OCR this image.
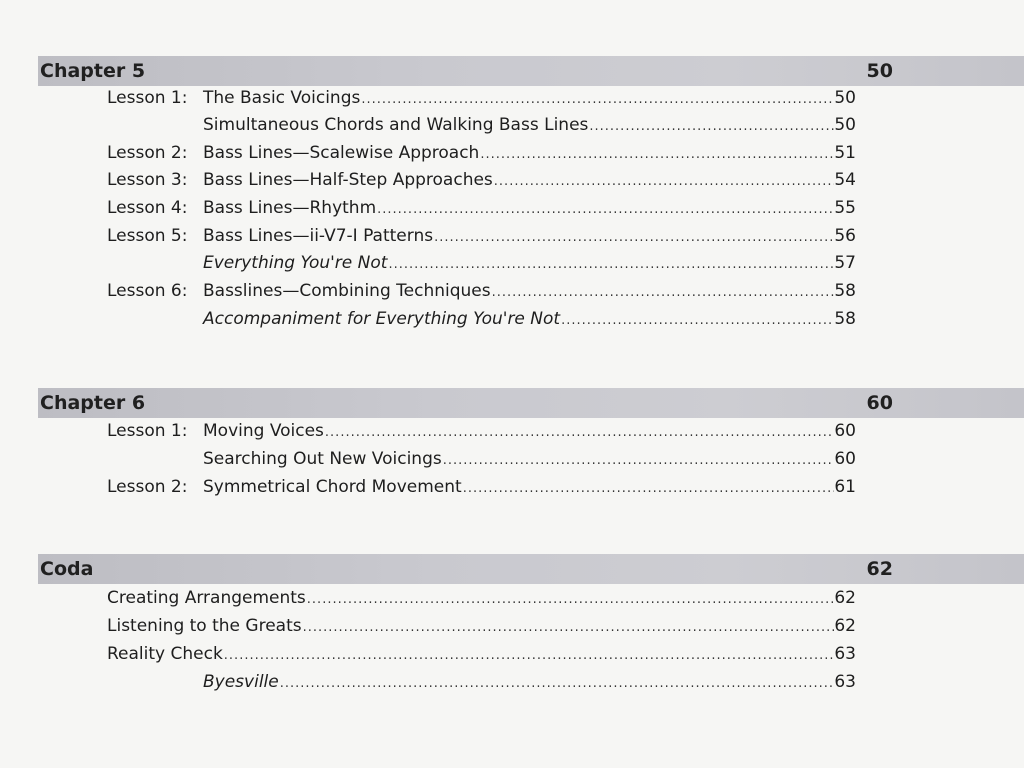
Chapter 5	50
Lesson 1: The Basic Voicings .....	50
Simultaneous Chords and Walking Bass Lines .....	50
Lesson 2: Bass Lines—Scalewise Approach .....	51
Lesson 3: Bass Lines—Half-Step Approaches .....	54
Lesson 4: Bass Lines—Rhythm .....	55
Lesson 5: Bass Lines—ii-V7-I Patterns .....	56
Everything You're Not .....	57
Lesson 6: Basslines—Combining Techniques .....	58
Accompaniment for Everything You're Not .....	58
Chapter 6	60
Lesson 1: Moving Voices .....	60
Searching Out New Voicings .....	60
Lesson 2: Symmetrical Chord Movement .....	61
Coda	62
Creating Arrangements .....	62
Listening to the Greats .....	62
Reality Check .....	63
Byesville .....	63
